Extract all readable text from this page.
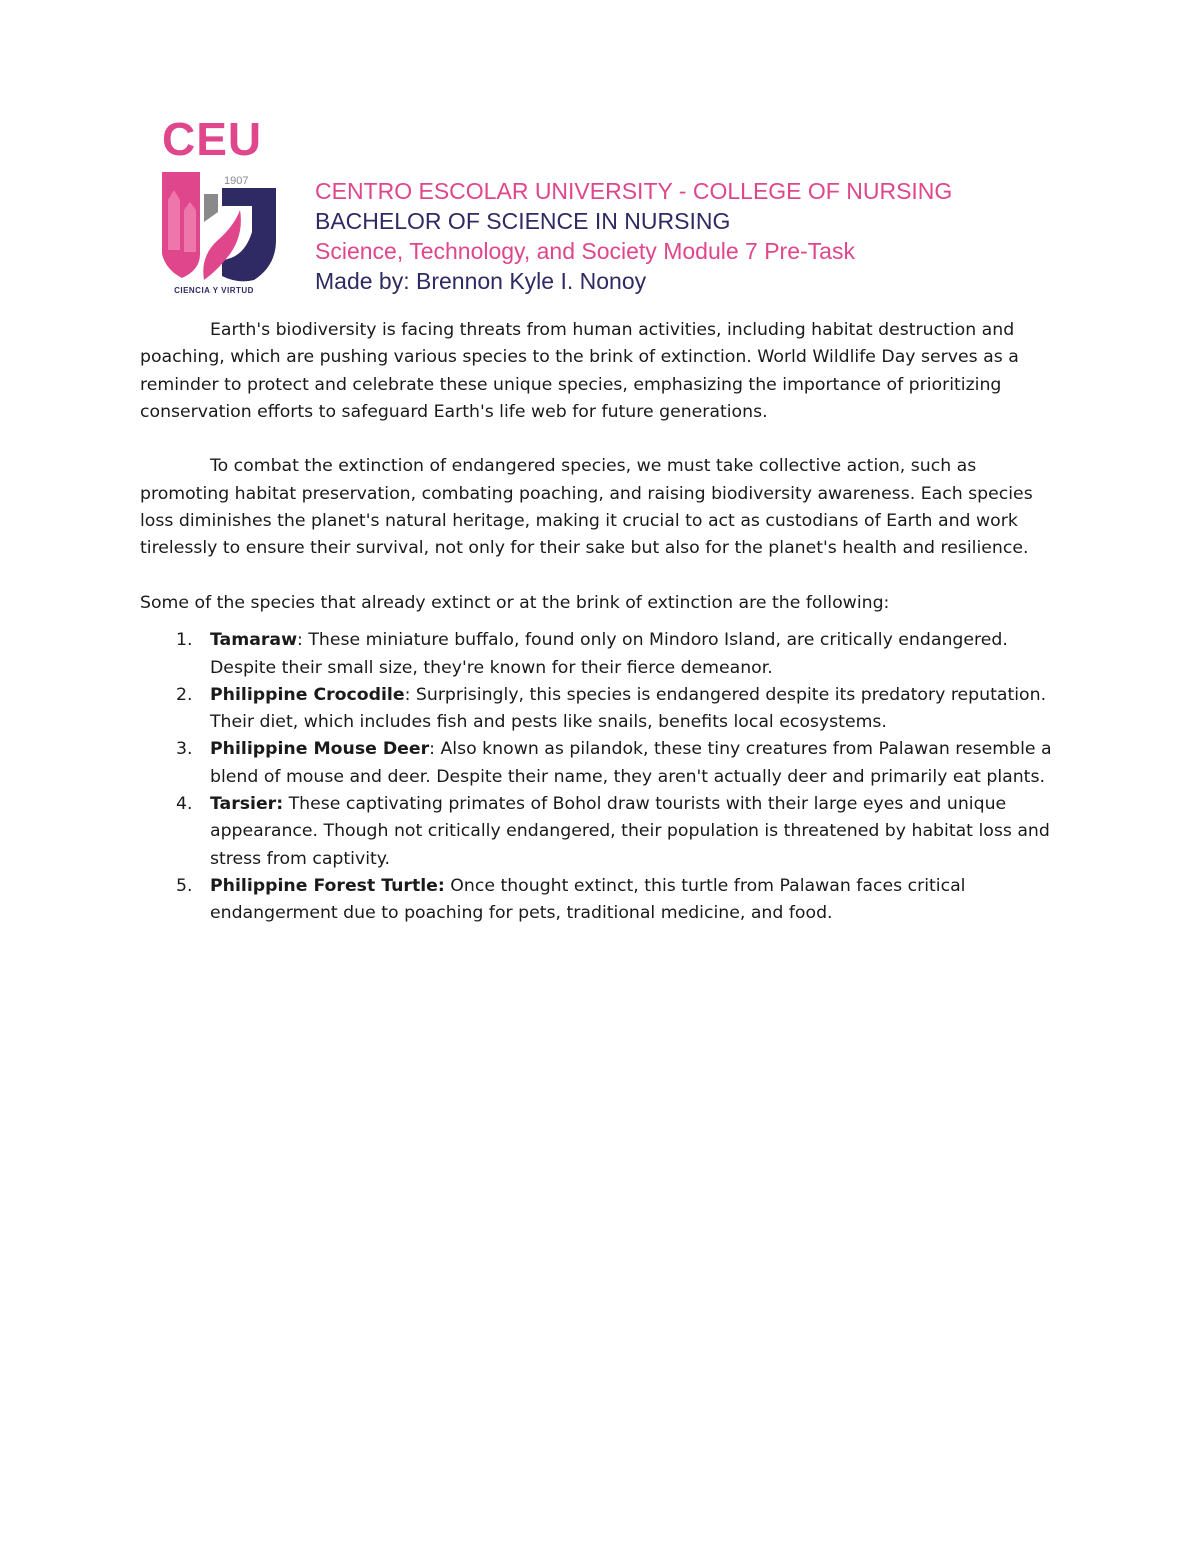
CEU
1907
CIENCIA Y VIRTUD
CENTRO ESCOLAR UNIVERSITY - COLLEGE OF NURSING
BACHELOR OF SCIENCE IN NURSING
Science, Technology, and Society Module 7 Pre-Task
Made by: Brennon Kyle I. Nonoy

Earth's biodiversity is facing threats from human activities, including habitat destruction and poaching, which are pushing various species to the brink of extinction. World Wildlife Day serves as a reminder to protect and celebrate these unique species, emphasizing the importance of prioritizing conservation efforts to safeguard Earth's life web for future generations.

To combat the extinction of endangered species, we must take collective action, such as promoting habitat preservation, combating poaching, and raising biodiversity awareness. Each species loss diminishes the planet's natural heritage, making it crucial to act as custodians of Earth and work tirelessly to ensure their survival, not only for their sake but also for the planet's health and resilience.

Some of the species that already extinct or at the brink of extinction are the following:

1. Tamaraw: These miniature buffalo, found only on Mindoro Island, are critically endangered. Despite their small size, they're known for their fierce demeanor.
2. Philippine Crocodile: Surprisingly, this species is endangered despite its predatory reputation. Their diet, which includes fish and pests like snails, benefits local ecosystems.
3. Philippine Mouse Deer: Also known as pilandok, these tiny creatures from Palawan resemble a blend of mouse and deer. Despite their name, they aren't actually deer and primarily eat plants.
4. Tarsier: These captivating primates of Bohol draw tourists with their large eyes and unique appearance. Though not critically endangered, their population is threatened by habitat loss and stress from captivity.
5. Philippine Forest Turtle: Once thought extinct, this turtle from Palawan faces critical endangerment due to poaching for pets, traditional medicine, and food.
